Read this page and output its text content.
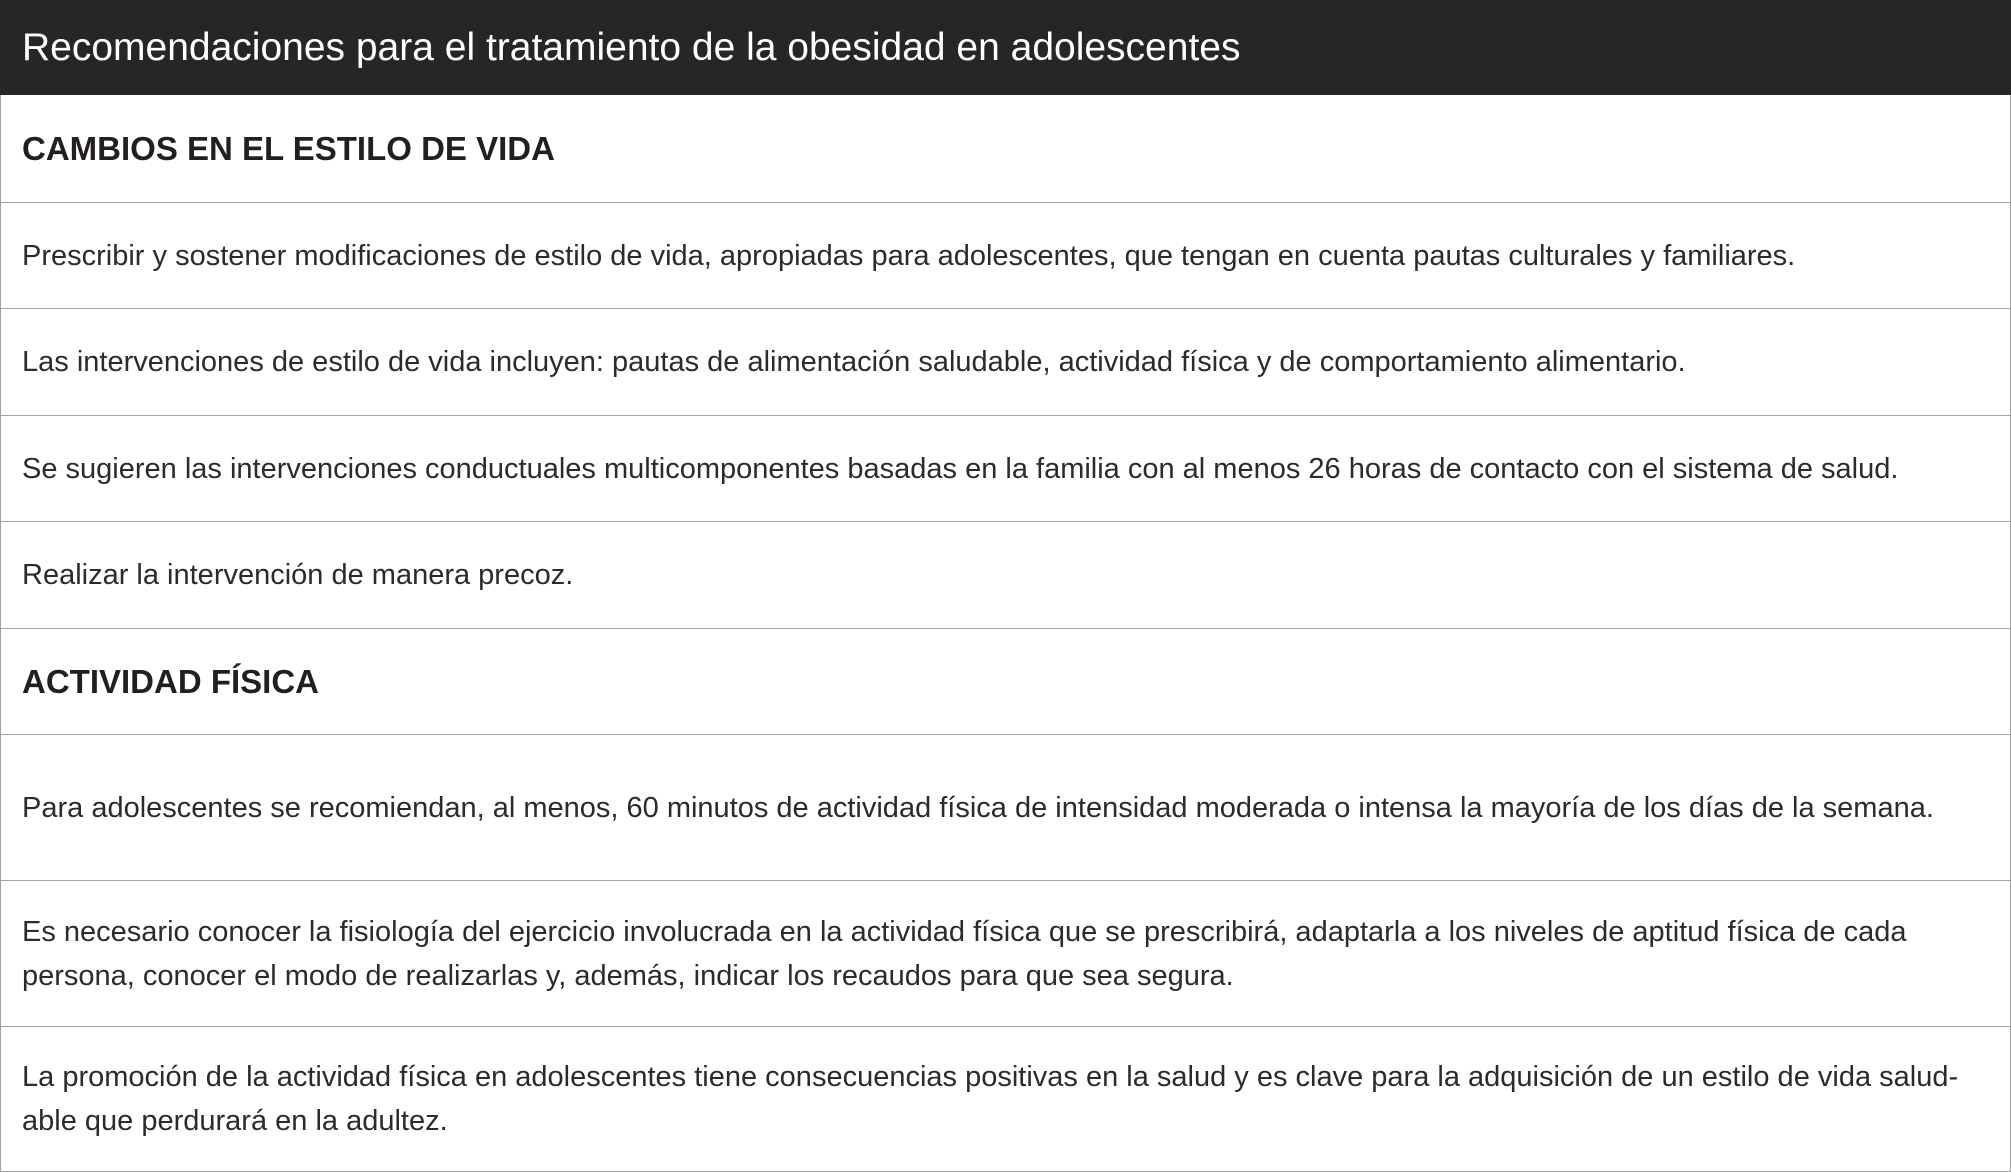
Recomendaciones para el tratamiento de la obesidad en adolescentes
CAMBIOS EN EL ESTILO DE VIDA
Prescribir y sostener modificaciones de estilo de vida, apropiadas para adolescentes, que tengan en cuenta pautas culturales y familiares.
Las intervenciones de estilo de vida incluyen: pautas de alimentación saludable, actividad física y de comportamiento alimentario.
Se sugieren las intervenciones conductuales multicomponentes basadas en la familia con al menos 26 horas de contacto con el sistema de salud.
Realizar la intervención de manera precoz.
ACTIVIDAD FÍSICA
Para adolescentes se recomiendan, al menos, 60 minutos de actividad física de intensidad moderada o intensa la mayoría de los días de la semana.
Es necesario conocer la fisiología del ejercicio involucrada en la actividad física que se prescribirá, adaptarla a los niveles de aptitud física de cada
persona, conocer el modo de realizarlas y, además, indicar los recaudos para que sea segura.
La promoción de la actividad física en adolescentes tiene consecuencias positivas en la salud y es clave para la adquisición de un estilo de vida salud-
able que perdurará en la adultez.
